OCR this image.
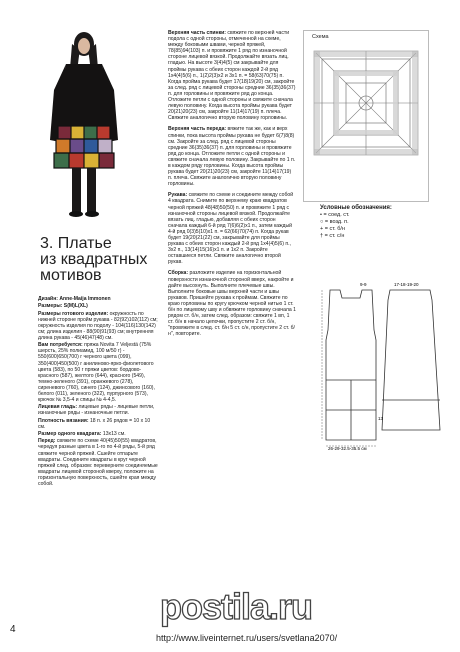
3. Платье
из квадратных
мотивов

Дизайн: Anne-Maija Immonen

Размеры: S(M)L(XL)

Размеры готового изделия: окружность по нижней стороне пройм рукава - 82(92)102(112) см; окружность изделия по подолу - 104(116)130(142) см; длина изделия - 88(90)91(93) см; внутренняя длина рукава - 45(46)47(48) см.

Вам потребуется: пряжа Novita 7 Veljestä (75% шерсть, 25% полиамид, 100 м/50 г) - 550(600)650(700) г черного цвета (099), 350(400)450(500) г анилиново-ярко-фиолетового цвета (583), по 50 г пряжи цветов: бордово-красного (587), желтого (644), красного (549), темно-зеленого (391), оранжевого (278), сиреневого (760), синего (124), джинсового (160), белого (011), зеленого (322), пурпурного (573), крючок № 3,5-4 и спицы № 4-4,5.

Лицевая гладь: лицевые ряды - лицевые петли, изнаночные ряды - изнаночные петли.

Плотность вязания: 18 п. x 26 рядов = 10 x 10 см.

Размер одного квадрата: 13x13 см.

Перед: свяжите по схеме 40(45)50(55) квадратов, чередуя разные цвета в 1-го по 4-й ряды, 5-й ряд свяжите черной пряжей. Сшейте отпарьте квадраты. Соедините квадраты в круг черной пряжей след. образом: переверните соединяемые квадраты лицевой стороной кверху, положите на горизонтальную поверхность, сшейте края между собой.

Верхняя часть спинки: свяжите по верхней части подола с одной стороны, отмеченной на схеме, между боковыми швами, черной пряжей, 78(85)94(103) п. и провяжите 1 ряд по изнаночной стороне лицевой вязкой. Продолжайте вязать лиц. гладью. На высоте 3(4)4(5) см закрывайте для проймы рукава с обеих сторон каждой 2-й ряд 1x4(4)5(6) п., 1(2)2(3)x2 и 3x1 п. = 58(63)70(75) п. Когда пройма рукава будет 17(18)19(20) см, закройте за след. ряд с лицевой стороны средние 36(35)36(37) п. для горловины и провяжите ряд до конца. Отложите петли с одной стороны и свяжите сначала левую половину. Когда высота проймы рукава будет 20(21)20(23) см, закройте 11(14)17(19) п. плеча. Свяжите аналогично вторую половину горловины.

Верхняя часть переда: вяжите так же, как и верх спинки, пока высота проймы рукава не будет 6(7)8(8) см. Закройте за след. ряд с лицевой стороны средние 36(35)36(37) п. для горловины и провяжите ряд до конца. Отложите петли с одной стороны и свяжите сначала левую половину. Закрывайте по 1 п. в каждом ряду горловины. Когда высота проймы рукава будет 20(21)20(23) см, закройте 11(14)17(19) п. плеча. Свяжите аналогично вторую половину горловины.

Рукава: свяжите по схеме и соедините между собой 4 квадрата. Снимите по верхнему краю квадратов черной пряжей 48(48)50(50) п. и провяжите 1 ряд с изнаночной стороны лицевой вязкой. Продолжайте вязать лиц. гладью, добавляя с обеих сторон сначала каждый 6-й ряд 7(6)6(2)x1 п., затем каждый 4-й ряд 0(3)5(10)x1 п. = 62(66)70(74) п. Когда рукав будет 19(20)21(22) см, закрывайте для проймы рукава с обеих сторон каждый 2-й ряд 1x4(4)5(6) п., 3x2 п., 13(14)15(16)x1 п. и 1x2 п. Закройте оставшиеся петли. Свяжите аналогично второй рукав.

Сборка: разложите изделие на горизонтальной поверхности изнаночной стороной вверх, накройте и дайте высохнуть. Выполните плечевые швы. Выполните боковые швы верхней части и швы рукавов. Пришейте рукава к проймам. Свяжите по краю горловины по кругу крючком черной нитью 1 ст. б/н по лицевому шву и обвяжите горловину сначала 1 рядом ст. б/н, затем след. образом: свяжите 1 вп, 1 ст. б/н в начало цепочки, пропустите 2 ст. б/н, "провяжите в след. ст. б/н 5 ст. с/н, пропустите 2 ст. б/н", повторите.

Схема
Условные обозначения:
• = соед. ст.
○ = возд. п.
+ = ст. б/н
† = ст. с/н
17-18-19-20
26-29-32,5-35,5 см
9-9
13
postila.ru
4
http://www.liveinternet.ru/users/svetlana2070/
